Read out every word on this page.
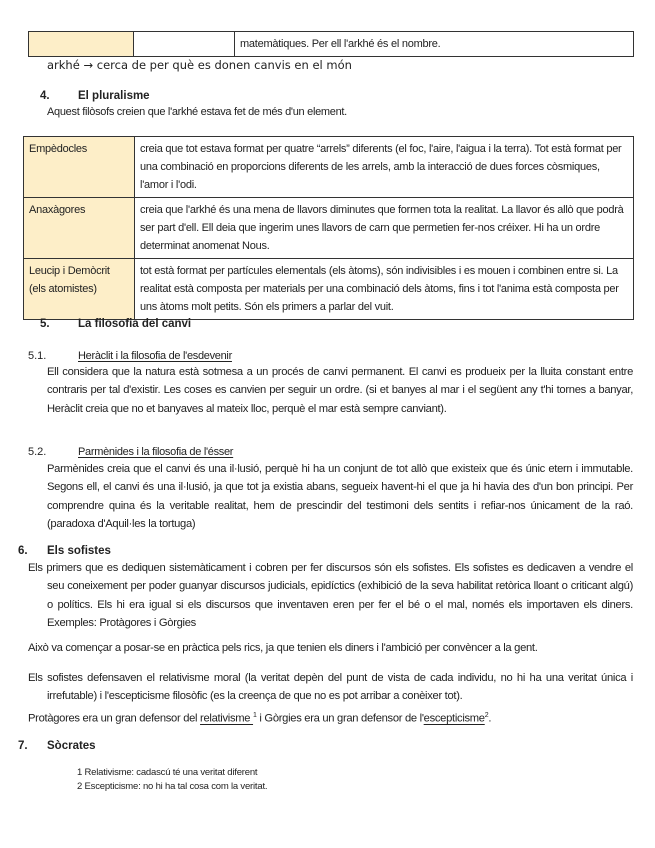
		matemàtiques. Per ell l'arkhé és el nombre.
arkhé → cerca de per què es donen canvis en el món
4. El pluralisme
Aquest filòsofs creien que l'arkhé estava fet de més d'un element.
Empèdocles	creia que tot estava format per quatre “arrels” diferents (el foc, l'aire, l'aigua i la terra). Tot està format per una combinació en proporcions diferents de les arrels, amb la interacció de dues forces còsmiques, l'amor i l'odi.
Anaxàgores	creia que l'arkhé és una mena de llavors diminutes que formen tota la realitat. La llavor és allò que podrà ser part d'ell. Ell deia que ingerim unes llavors de carn que permetien fer-nos créixer. Hi ha un ordre determinat anomenat Nous.
Leucip i Demòcrit (els atomistes)	tot està format per partícules elementals (els àtoms), són indivisibles i es mouen i combinen entre si. La realitat està composta per materials per una combinació dels àtoms, fins i tot l'anima està composta per uns àtoms molt petits. Són els primers a parlar del vuit.
5. La filosofia del canvi
5.1.	Heràclit i la filosofia de l'esdevenir
Ell considera que la natura està sotmesa a un procés de canvi permanent. El canvi es produeix per la lluita constant entre contraris per tal d'existir. Les coses es canvien per seguir un ordre. (si et banyes al mar i el següent any t'hi tornes a banyar, Heràclit creia que no et banyaves al mateix lloc, perquè el mar està sempre canviant).
5.2.	Parmènides i la filosofia de l'ésser
Parmènides creia que el canvi és una il·lusió, perquè hi ha un conjunt de tot allò que existeix que és únic etern i immutable. Segons ell, el canvi és una il·lusió, ja que tot ja existia abans, segueix havent-hi el que ja hi havia des d'un bon principi. Per comprendre quina és la veritable realitat, hem de prescindir del testimoni dels sentits i refiar-nos únicament de la raó. (paradoxa d'Aquil·les la tortuga)
6. Els sofistes
Els primers que es dediquen sistemàticament i cobren per fer discursos són els sofistes. Els sofistes es dedicaven a vendre el seu coneixement per poder guanyar discursos judicials, epidíctics (exhibició de la seva habilitat retòrica lloant o criticant algú) o polítics. Els hi era igual si els discursos que inventaven eren per fer el bé o el mal, només els importaven els diners. Exemples: Protàgores i Gòrgies
Això va començar a posar-se en pràctica pels rics, ja que tenien els diners i l'ambició per convèncer a la gent.
Els sofistes defensaven el relativisme moral (la veritat depèn del punt de vista de cada individu, no hi ha una veritat única i irrefutable) i l'escepticisme filosòfic (es la creença de que no es pot arribar a conèixer tot).
Protàgores era un gran defensor del relativisme $^1$ i Gòrgies era un gran defensor de l'escepticisme$^2$.
7. Sòcrates
1 Relativisme: cadascú té una veritat diferent
2 Escepticisme: no hi ha tal cosa com la veritat.
